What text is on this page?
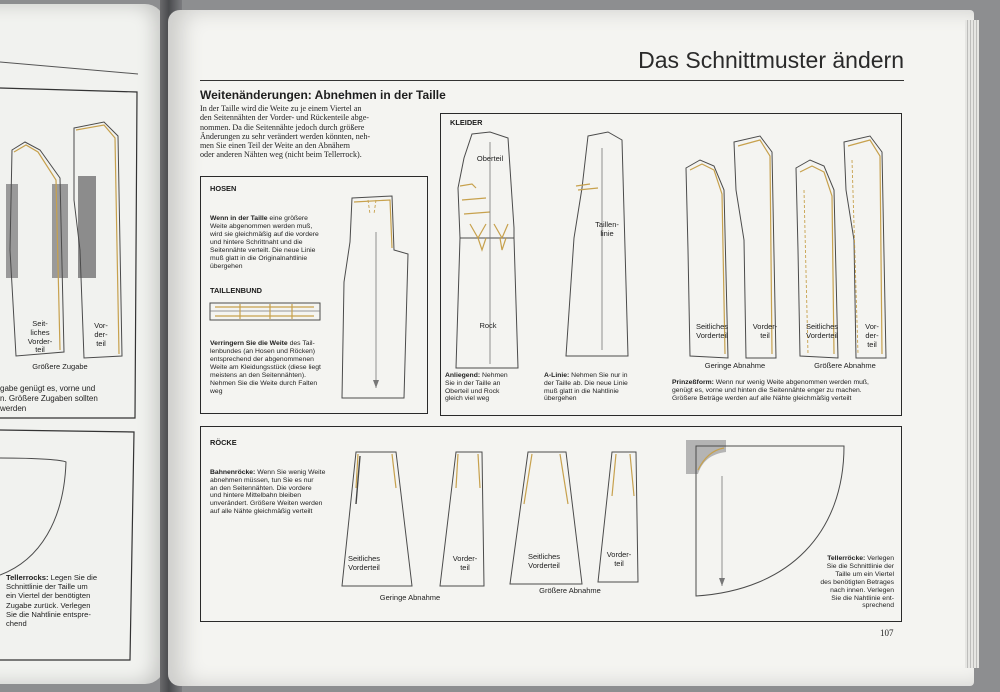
Seit-
liches
Vorder-
teil
Vor-
der-
teil
Größere Zugabe
gabe genügt es, vorne und
n. Größere Zugaben sollten
werden
Tellerrocks: Legen Sie die
Schnittlinie der Taille um
ein Viertel der benötigten
Zugabe zurück. Verlegen
Sie die Nahtlinie entspre-
chend
Das Schnittmuster ändern
Weitenänderungen: Abnehmen in der Taille
In der Taille wird die Weite zu je einem Viertel an
den Seitennähten der Vorder- und Rückenteile abge-
nommen. Da die Seitennähte jedoch durch größere
Änderungen zu sehr verändert werden könnten, neh-
men Sie einen Teil der Weite an den Abnähern
oder anderen Nähten weg (nicht beim Tellerrock).
HOSEN
Wenn in der Taille eine größere
Weite abgenommen werden muß,
wird sie gleichmäßig auf die vordere
und hintere Schrittnaht und die
Seitennähte verteilt. Die neue Linie
muß glatt in die Originalnahtlinie
übergehen
TAILLENBUND
Verringern Sie die Weite des Tail-
lenbundes (an Hosen und Röcken)
entsprechend der abgenommenen
Weite am Kleidungsstück (diese liegt
meistens an den Seitennähten).
Nehmen Sie die Weite durch Falten
weg
KLEIDER
Oberteil
Rock
Anliegend: Nehmen
Sie in der Taille an
Oberteil und Rock
gleich viel weg
Taillen-
linie
A-Linie: Nehmen Sie nur in
der Taille ab. Die neue Linie
muß glatt in die Nahtlinie
übergehen
Seitliches
Vorderteil
Vorder-
teil
Seitliches
Vorderteil
Vor-
der-
teil
Geringe Abnahme	Größere Abnahme
Prinzeßform: Wenn nur wenig Weite abgenommen werden muß,
genügt es, vorne und hinten die Seitennähte enger zu machen.
Größere Beträge werden auf alle Nähte gleichmäßig verteilt
RÖCKE
Bahnenröcke: Wenn Sie wenig Weite
abnehmen müssen, tun Sie es nur
an den Seitennähten. Die vordere
und hintere Mittelbahn bleiben
unverändert. Größere Weiten werden
auf alle Nähte gleichmäßig verteilt
Seitliches
Vorderteil
Vorder-
teil
Seitliches
Vorderteil
Vorder-
teil
Geringe Abnahme
Größere Abnahme
Tellerröcke: Verlegen
Sie die Schnittlinie der
Taille um ein Viertel
des benötigten Betrages
nach innen. Verlegen
Sie die Nahtlinie ent-
sprechend
107
